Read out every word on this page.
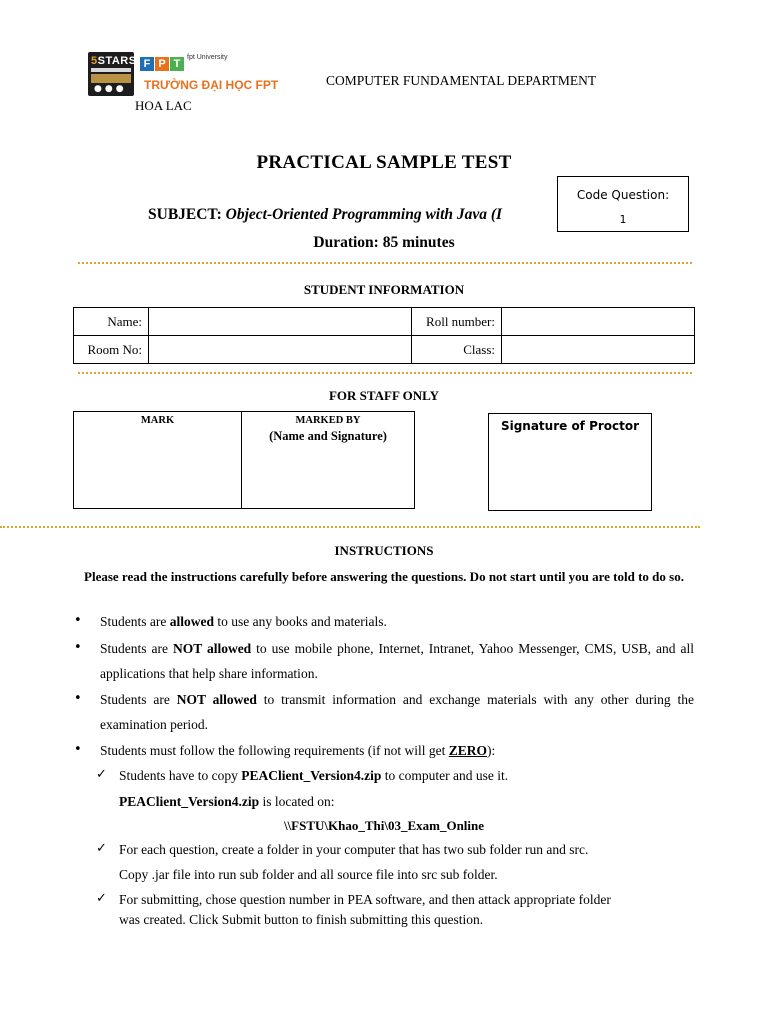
5STARS
●●●
F P $T^{fpt University}$
TRƯỜNG ĐẠI HỌC FPT
HOA LAC
COMPUTER FUNDAMENTAL DEPARTMENT
PRACTICAL SAMPLE TEST
SUBJECT: Object-Oriented Programming with Java (I
Duration: 85 minutes
Code Question:
1
STUDENT INFORMATION
Name:		Roll number:	
Room No:		Class:	
FOR STAFF ONLY
MARK	MARKED BY
(Name and Signature)
Signature of Proctor
INSTRUCTIONS
Please read the instructions carefully before answering the questions. Do not start until you are told to do so.
• Students are allowed to use any books and materials.
• Students are NOT allowed to use mobile phone, Internet, Intranet, Yahoo Messenger, CMS, USB, and all applications that help share information.
• Students are NOT allowed to transmit information and exchange materials with any other during the examination period.
• Students must follow the following requirements (if not will get ZERO):
✓ Students have to copy PEAClient_Version4.zip to computer and use it.
PEAClient_Version4.zip is located on:
\\FSTU\Khao_Thi\03_Exam_Online
✓ For each question, create a folder in your computer that has two sub folder run and src.
Copy .jar file into run sub folder and all source file into src sub folder.
✓ For submitting, chose question number in PEA software, and then attack appropriate folder
was created. Click Submit button to finish submitting this question.
